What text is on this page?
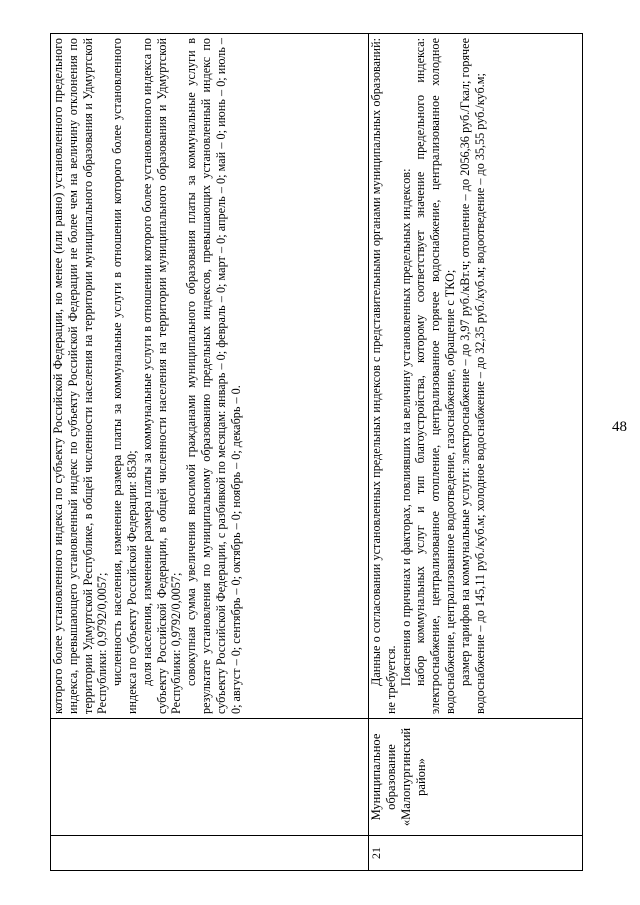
48

		которого более установленного индекса по субъекту Российской Федерации, но менее (или равно) установленного предельного индекса, превышающего установленный индекс по субъекту Российской Федерации не более чем на величину отклонения по территории Удмуртской Республике, в общей численности населения на территории муниципального образования и Удмуртской Республики: 0,9792/0,0057; численность населения, изменение размера платы за коммунальные услуги в отношении которого более установленного индекса по субъекту Российской Федерации: 8530; доля населения, изменение размера платы за коммунальные услуги в отношении которого более установленного индекса по субъекту Российской Федерации, в общей численности населения на территории муниципального образования и Удмуртской Республики: 0,9792/0,0057; совокупная сумма увеличения вносимой гражданами муниципального образования платы за коммунальные услуги в результате установления по муниципальному образованию предельных индексов, превышающих установленный индекс по субъекту Российской Федерации, с разбивкой по месяцам: январь – 0; февраль – 0; март – 0; апрель – 0; май – 0; июнь – 0; июль – 0; август – 0; сентябрь – 0; октябрь – 0; ноябрь – 0; декабрь – 0.

21	Муниципальное образование «Малопургинский район»	Данные о согласовании установленных предельных индексов с представительными органами муниципальных образований: не требуется. Пояснения о причинах и факторах, повлиявших на величину установленных предельных индексов: набор коммунальных услуг и тип благоустройства, которому соответствует значение предельного индекса: электроснабжение, централизованное отопление, централизованное горячее водоснабжение, централизованное холодное водоснабжение, централизованное водоотведение, газоснабжение, обращение с ТКО; размер тарифов на коммунальные услуги: электроснабжение – до 3,97 руб./кВт.ч; отопление – до 2056,36 руб./Гкал; горячее водоснабжение – до 145,11 руб./куб.м; холодное водоснабжение – до 32,35 руб./куб.м; водоотведение – до 35,55 руб./куб.м;
